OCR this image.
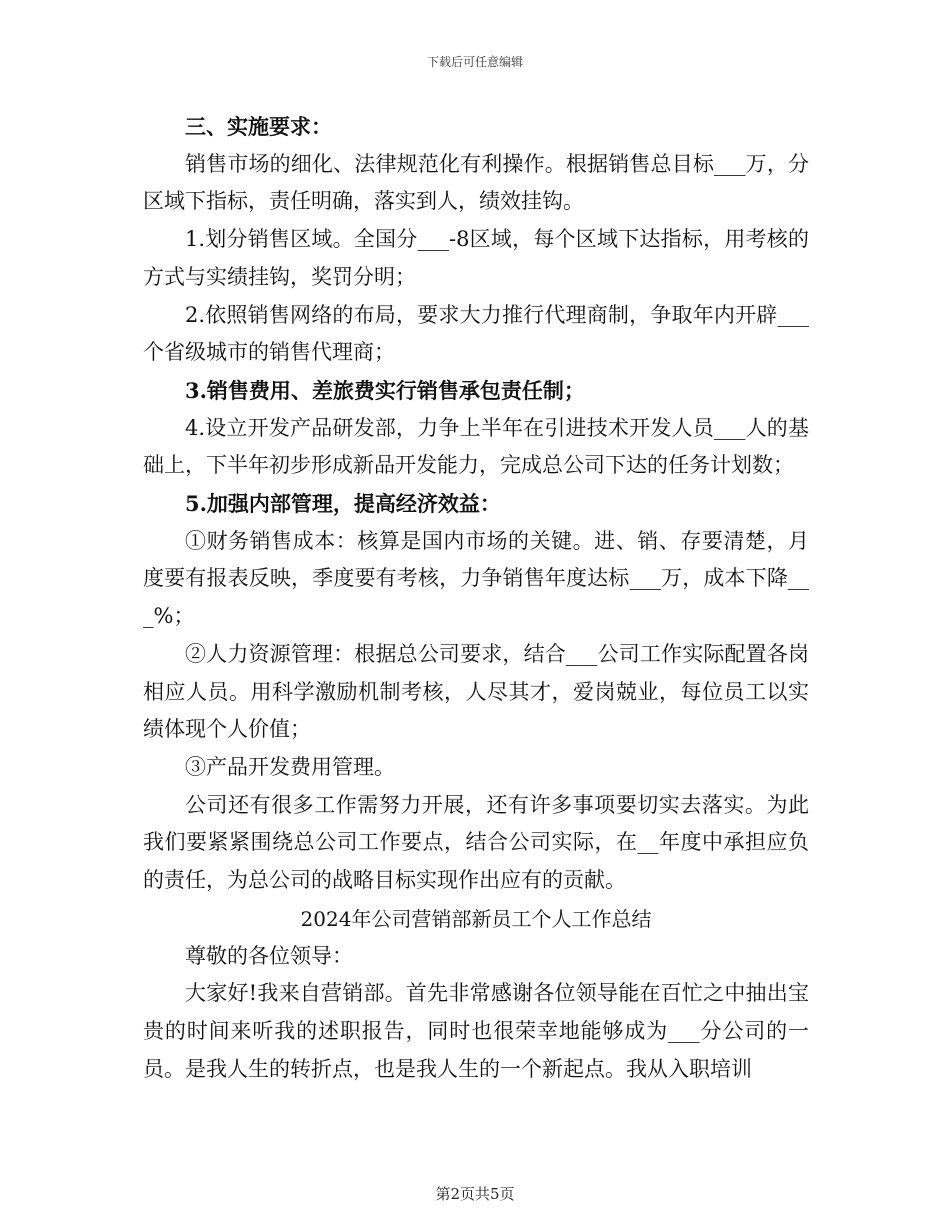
下载后可任意编辑

三、实施要求：

销售市场的细化、法律规范化有利操作。根据销售总目标___万，分区域下指标，责任明确，落实到人，绩效挂钩。

1.划分销售区域。全国分___-8区域，每个区域下达指标，用考核的方式与实绩挂钩，奖罚分明；

2.依照销售网络的布局，要求大力推行代理商制，争取年内开辟___个省级城市的销售代理商；

3.销售费用、差旅费实行销售承包责任制；

4.设立开发产品研发部，力争上半年在引进技术开发人员___人的基础上，下半年初步形成新品开发能力，完成总公司下达的任务计划数；

5.加强内部管理，提高经济效益：

①财务销售成本：核算是国内市场的关键。进、销、存要清楚，月度要有报表反映，季度要有考核，力争销售年度达标___万，成本下降___%；

②人力资源管理：根据总公司要求，结合___公司工作实际配置各岗相应人员。用科学激励机制考核，人尽其才，爱岗兢业，每位员工以实绩体现个人价值；

③产品开发费用管理。

公司还有很多工作需努力开展，还有许多事项要切实去落实。为此我们要紧紧围绕总公司工作要点，结合公司实际，在__年度中承担应负的责任，为总公司的战略目标实现作出应有的贡献。

2024年公司营销部新员工个人工作总结

尊敬的各位领导：

大家好!我来自营销部。首先非常感谢各位领导能在百忙之中抽出宝贵的时间来听我的述职报告，同时也很荣幸地能够成为___分公司的一员。是我人生的转折点，也是我人生的一个新起点。我从入职培训

第2页共5页
